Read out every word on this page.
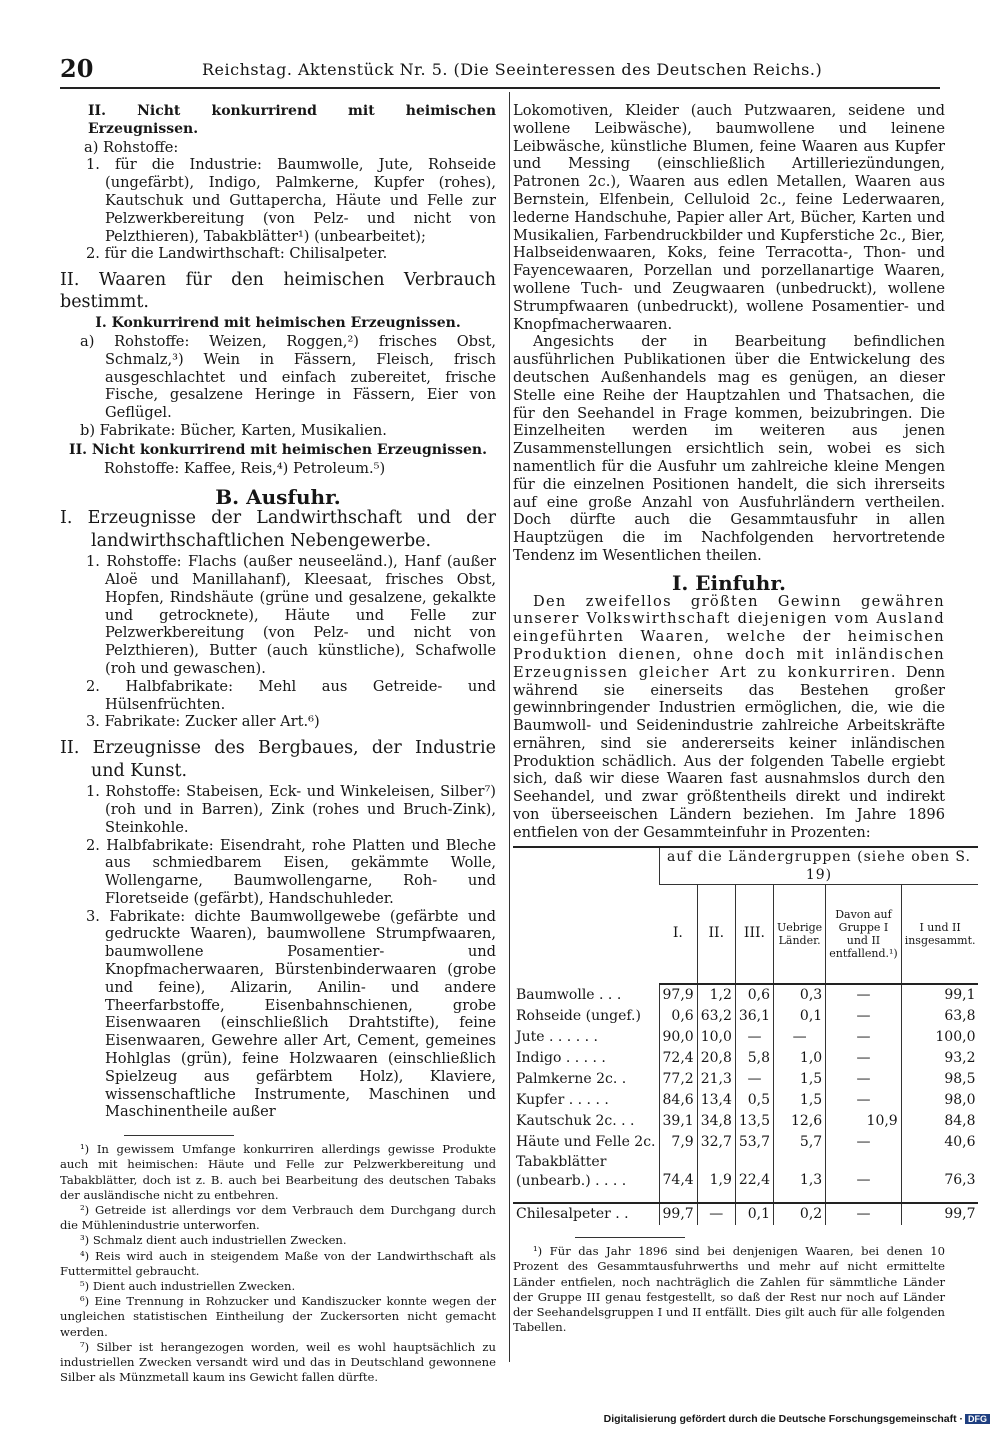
20	Reichstag. Aktenstück Nr. 5. (Die Seeinteressen des Deutschen Reichs.)

II. Nicht konkurrirend mit heimischen Erzeugnissen.

a) Rohstoffe:

1. für die Industrie: Baumwolle, Jute, Rohseide (ungefärbt), Indigo, Palmkerne, Kupfer (rohes), Kautschuk und Guttapercha, Häute und Felle zur Pelzwerkbereitung (von Pelz- und nicht von Pelzthieren), Tabakblätter¹) (unbearbeitet);

2. für die Landwirthschaft: Chilisalpeter.

II. Waaren für den heimischen Verbrauch bestimmt.

I. Konkurrirend mit heimischen Erzeugnissen.

a) Rohstoffe: Weizen, Roggen,²) frisches Obst, Schmalz,³) Wein in Fässern, Fleisch, frisch ausgeschlachtet und einfach zubereitet, frische Fische, gesalzene Heringe in Fässern, Eier von Geflügel.

b) Fabrikate: Bücher, Karten, Musikalien.

II. Nicht konkurrirend mit heimischen Erzeugnissen.

Rohstoffe: Kaffee, Reis,⁴) Petroleum.⁵)

B. Ausfuhr.

I. Erzeugnisse der Landwirthschaft und der landwirthschaftlichen Nebengewerbe.

1. Rohstoffe: Flachs (außer neuseeländ.), Hanf (außer Aloë und Manillahanf), Kleesaat, frisches Obst, Hopfen, Rindshäute (grüne und gesalzene, gekalkte und getrocknete), Häute und Felle zur Pelzwerkbereitung (von Pelz- und nicht von Pelzthieren), Butter (auch künstliche), Schafwolle (roh und gewaschen).

2. Halbfabrikate: Mehl aus Getreide- und Hülsenfrüchten.

3. Fabrikate: Zucker aller Art.⁶)

II. Erzeugnisse des Bergbaues, der Industrie und Kunst.

1. Rohstoffe: Stabeisen, Eck- und Winkeleisen, Silber⁷) (roh und in Barren), Zink (rohes und Bruch-Zink), Steinkohle.

2. Halbfabrikate: Eisendraht, rohe Platten und Bleche aus schmiedbarem Eisen, gekämmte Wolle, Wollengarne, Baumwollengarne, Roh- und Floretseide (gefärbt), Handschuhleder.

3. Fabrikate: dichte Baumwollgewebe (gefärbte und gedruckte Waaren), baumwollene Strumpfwaaren, baumwollene Posamentier- und Knopfmacherwaaren, Bürstenbinderwaaren (grobe und feine), Alizarin, Anilin- und andere Theerfarbstoffe, Eisenbahnschienen, grobe Eisenwaaren (einschließlich Drahtstifte), feine Eisenwaaren, Gewehre aller Art, Cement, gemeines Hohlglas (grün), feine Holzwaaren (einschließlich Spielzeug aus gefärbtem Holz), Klaviere, wissenschaftliche Instrumente, Maschinen und Maschinentheile außer

¹) In gewissem Umfange konkurriren allerdings gewisse Produkte auch mit heimischen: Häute und Felle zur Pelzwerkbereitung und Tabakblätter, doch ist z. B. auch bei Bearbeitung des deutschen Tabaks der ausländische nicht zu entbehren.

²) Getreide ist allerdings vor dem Verbrauch dem Durchgang durch die Mühlenindustrie unterworfen.

³) Schmalz dient auch industriellen Zwecken.

⁴) Reis wird auch in steigendem Maße von der Landwirthschaft als Futtermittel gebraucht.

⁵) Dient auch industriellen Zwecken.

⁶) Eine Trennung in Rohzucker und Kandiszucker konnte wegen der ungleichen statistischen Eintheilung der Zuckersorten nicht gemacht werden.

⁷) Silber ist herangezogen worden, weil es wohl hauptsächlich zu industriellen Zwecken versandt wird und das in Deutschland gewonnene Silber als Münzmetall kaum ins Gewicht fallen dürfte.

Lokomotiven, Kleider (auch Putzwaaren, seidene und wollene Leibwäsche), baumwollene und leinene Leibwäsche, künstliche Blumen, feine Waaren aus Kupfer und Messing (einschließlich Artilleriezündungen, Patronen 2c.), Waaren aus edlen Metallen, Waaren aus Bernstein, Elfenbein, Celluloid 2c., feine Lederwaaren, lederne Handschuhe, Papier aller Art, Bücher, Karten und Musikalien, Farbendruckbilder und Kupferstiche 2c., Bier, Halbseidenwaaren, Koks, feine Terracotta-, Thon- und Fayencewaaren, Porzellan und porzellanartige Waaren, wollene Tuch- und Zeugwaaren (unbedruckt), wollene Strumpfwaaren (unbedruckt), wollene Posamentier- und Knopfmacherwaaren.

Angesichts der in Bearbeitung befindlichen ausführlichen Publikationen über die Entwickelung des deutschen Außenhandels mag es genügen, an dieser Stelle eine Reihe der Hauptzahlen und Thatsachen, die für den Seehandel in Frage kommen, beizubringen. Die Einzelheiten werden im weiteren aus jenen Zusammenstellungen ersichtlich sein, wobei es sich namentlich für die Ausfuhr um zahlreiche kleine Mengen für die einzelnen Positionen handelt, die sich ihrerseits auf eine große Anzahl von Ausfuhrländern vertheilen. Doch dürfte auch die Gesammtausfuhr in allen Hauptzügen die im Nachfolgenden hervortretende Tendenz im Wesentlichen theilen.

I. Einfuhr.

Den zweifellos größten Gewinn gewähren unserer Volkswirthschaft diejenigen vom Ausland eingeführten Waaren, welche der heimischen Produktion dienen, ohne doch mit inländischen Erzeugnissen gleicher Art zu konkurriren. Denn während sie einerseits das Bestehen großer gewinnbringender Industrien ermöglichen, die, wie die Baumwoll- und Seidenindustrie zahlreiche Arbeitskräfte ernähren, sind sie andererseits keiner inländischen Produktion schädlich. Aus der folgenden Tabelle ergiebt sich, daß wir diese Waaren fast ausnahmslos durch den Seehandel, und zwar größtentheils direkt und indirekt von überseeischen Ländern beziehen. Im Jahre 1896 entfielen von der Gesammteinfuhr in Prozenten:

	auf die Ländergruppen (siehe oben S. 19)					
	I.	II.	III.	Uebrige Länder.	Davon auf Gruppe I und II entfallend.¹)	I und II insgesammt.
Baumwolle . . .	97,9	1,2	0,6	0,3	—	99,1
Rohseide (ungef.)	0,6	63,2	36,1	0,1	—	63,8
Jute . . . . . .	90,0	10,0	—	—	—	100,0
Indigo . . . . .	72,4	20,8	5,8	1,0	—	93,2
Palmkerne 2c. .	77,2	21,3	—	1,5	—	98,5
Kupfer . . . . .	84,6	13,4	0,5	1,5	—	98,0
Kautschuk 2c. . .	39,1	34,8	13,5	12,6	10,9	84,8
Häute und Felle 2c.	7,9	32,7	53,7	5,7	—	40,6
Tabakblätter (unbearb.) . . . .	74,4	1,9	22,4	1,3	—	76,3

Chilesalpeter . .	99,7	—	0,1	0,2	—	99,7

¹) Für das Jahr 1896 sind bei denjenigen Waaren, bei denen 10 Prozent des Gesammtausfuhrwerths und mehr auf nicht ermittelte Länder entfielen, noch nachträglich die Zahlen für sämmtliche Länder der Gruppe III genau festgestellt, so daß der Rest nur noch auf Länder der Seehandelsgruppen I und II entfällt. Dies gilt auch für alle folgenden Tabellen.

Digitalisierung gefördert durch die Deutsche Forschungsgemeinschaft · DFG
